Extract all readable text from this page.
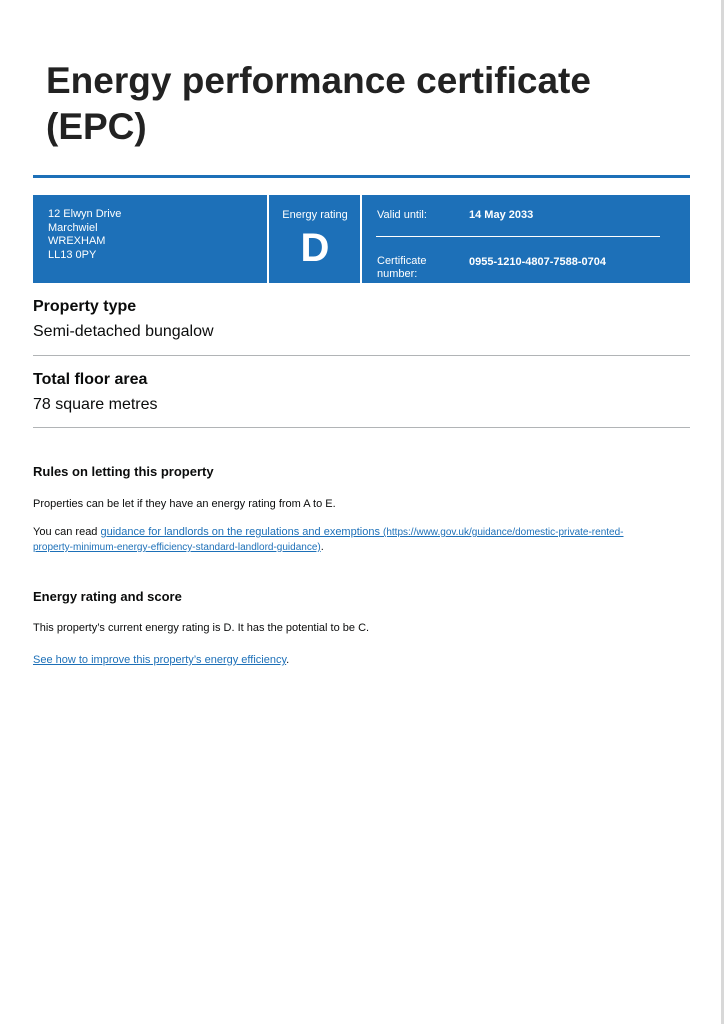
Energy performance certificate
(EPC)
12 Elwyn Drive
Marchwiel
WREXHAM
LL13 0PY
Energy rating
D
Valid until:	14 May 2033
Certificate number:
0955-1210-4807-7588-0704
Property type
Semi-detached bungalow
Total floor area
78 square metres
Rules on letting this property
Properties can be let if they have an energy rating from A to E.
You can read guidance for landlords on the regulations and exemptions (https://www.gov.uk/guidance/domestic-private-rented-
property-minimum-energy-efficiency-standard-landlord-guidance).
Energy rating and score
This property’s current energy rating is D. It has the potential to be C.
See how to improve this property’s energy efficiency.
